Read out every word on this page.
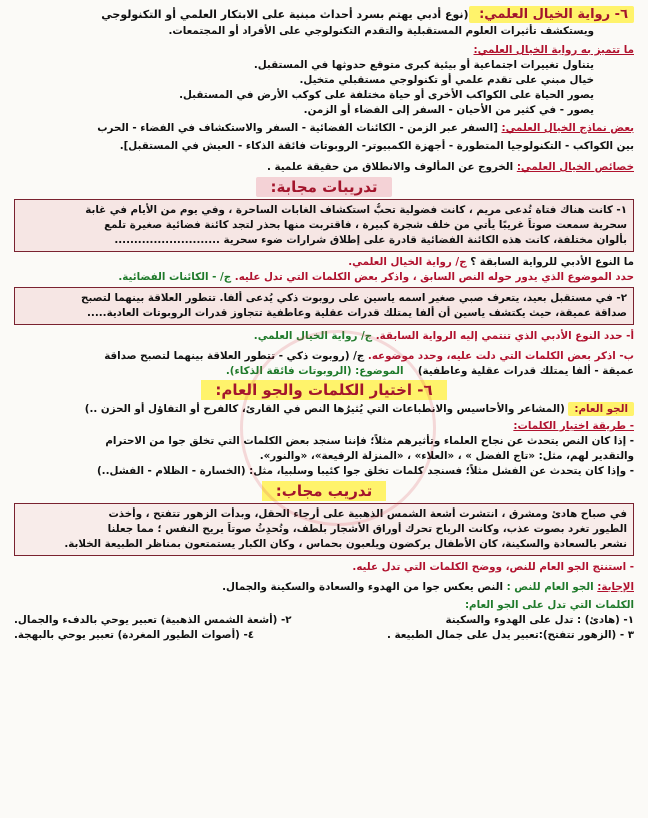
٦- رواية الخيال العلمي: (نوع أدبي يهتم بسرد أحداث مبنية على الابتكار العلمي أو التكنولوجي
ويستكشف تأثيرات العلوم المستقبلية والتقدم التكنولوجي على الأفراد أو المجتمعات.
ما تتميز به رواية الخيال العلمي:
- يتناول تغييرات اجتماعية أو بيئية كبرى متوقع حدوثها في المستقبل.
- خيال مبني على تقدم علمي أو تكنولوجي مستقبلي متخيل.
- يصور الحياة على الكواكب الأخرى أو حياة مختلفة على كوكب الأرض في المستقبل.
- يصور - في كثير من الأحيان - السفر إلى الفضاء أو الزمن.
بعض نماذج الخيال العلمي: [السفر عبر الزمن - الكائنات الفضائية - السفر والاستكشاف في الفضاء - الحرب
بين الكواكب - التكنولوجيا المتطورة - أجهزة الكمبيوتر- الروبوتات فائقة الذكاء - العيش في المستقبل].
خصائص الخيال العلمي: الخروج عن المألوف والانطلاق من حقيقة علمية .
تدريبات مجابة:
١- كانت هناك فتاة تُدعى مريم ، كانت فضولية تحبُّ استكشاف الغابات الساحرة ، وفي يوم من الأيام في غابة
سحرية سمعت صوتاً غريبًا يأتي من خلف شجرة كبيرة ، فاقتربت منها بحذر لتجد كائنة فضائية صغيرة تلمع
بألوان مختلفة، كانت هذه الكائنة الفضائية قادرة على إطلاق شرارات ضوء سحرية ...........................
ما النوع الأدبي للرواية السابقة ؟ ج/ رواية الخيال العلمي.
حدد الموضوع الذي يدور حوله النص السابق ، واذكر بعض الكلمات التي تدل عليه. ج/ - الكائنات الفضائية.
٢- في مستقبل بعيد، يتعرف صبي صغير اسمه ياسين على روبوت ذكي يُدعى ألفا. تتطور العلاقة بينهما لتصبح
صداقة عميقة، حيث يكتشف ياسين أن ألفا يمتلك قدرات عقلية وعاطفية تتجاوز قدرات الروبوتات العادية.....
أ- حدد النوع الأدبي الذي تنتمي إليه الرواية السابقة. ج/ رواية الخيال العلمي.
ب- اذكر بعض الكلمات التي دلت عليه، وحدد موضوعه. ج/ (روبوت ذكي - تتطور العلاقة بينهما لتصبح صداقة
عميقة - ألفا يمتلك قدرات عقلية وعاطفية)    الموضوع: (الروبوتات فائقة الذكاء).
٦- اختيار الكلمات والجو العام:
الجو العام: (المشاعر والأحاسيس والانطباعات التي يُثيرُها النص في القارئ، كالفرح أو التفاؤل أو الحزن ..)
- طريقة اختيار الكلمات:
- إذا كان النص يتحدث عن نجاح العلماء وتأثيرهم مثلاً؛ فإننا سنجد بعض الكلمات التي تخلق جوا من الاحترام
والتقدير لهم، مثل: «تاج الفضل » ، «العلاء» ، «المنزلة الرفيعة»، «والنور».
- وإذا كان يتحدث عن الفشل مثلاً؛ فسنجد كلمات تخلق جوا كئيبا وسلبيا، مثل: (الخسارة - الظلام - الفشل..)
تدريب مجاب:
في صباح هادئ ومشرق ، انتشرت أشعة الشمس الذهبية على أرجاء الحقل، وبدأت الزهور تتفتح ، وأخذت
الطيور تغرد بصوت عذب، وكانت الرياح تحرك أوراق الأشجار بلطف، وتُحدِثُ صوتاً يريح النفس ؛ مما جعلنا
نشعر بالسعادة والسكينة، كان الأطفال يركضون ويلعبون بحماس ، وكان الكبار يستمتعون بمناظر الطبيعة الخلابة.
- استنتج الجو العام للنص، ووضح الكلمات التي تدل عليه.
الإجابة: الجو العام للنص : النص يعكس جوا من الهدوء والسعادة والسكينة والجمال.
الكلمات التي تدل على الجو العام:
١- (هادئ) : تدل على الهدوء والسكينة
٢- (أشعة الشمس الذهبية) تعبير يوحي بالدفء والجمال.
٣ - (الزهور تتفتح):تعبير يدل على جمال الطبيعة .
٤- (أصوات الطيور المغردة) تعبير يوحي بالبهجة.
